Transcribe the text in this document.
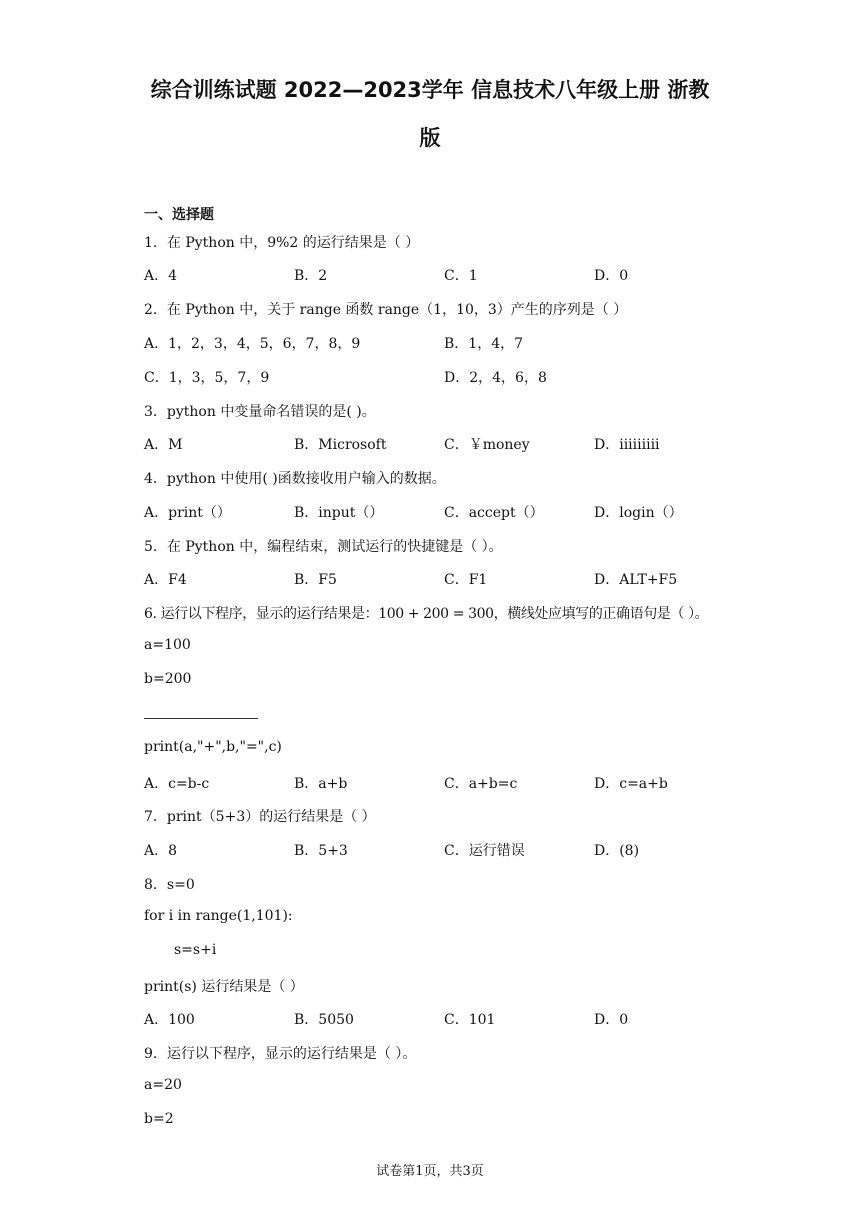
综合训练试题 2022—2023学年 信息技术八年级上册 浙教
版
一、选择题
1．在 Python 中，9%2 的运行结果是（ ）
A．4	B．2	C．1	D．0
2．在 Python 中，关于 range 函数 range（1，10，3）产生的序列是（ ）
A．1，2，3，4，5，6，7，8，9	B．1，4，7
C．1，3，5，7，9	D．2，4，6，8
3．python 中变量命名错误的是( )。
A．M	B．Microsoft	C．￥money	D．iiiiiiiii
4．python 中使用( )函数接收用户输入的数据。
A．print（）	B．input（）	C．accept（）	D．login（）
5．在 Python 中，编程结束，测试运行的快捷键是（ ）。
A．F4	B．F5	C．F1	D．ALT+F5
6. 运行以下程序，显示的运行结果是：100 + 200 = 300，横线处应填写的正确语句是（ ）。
a=100
b=200
print(a,"+",b,"=",c)
A．c=b-c	B．a+b	C．a+b=c	D．c=a+b
7．print（5+3）的运行结果是（ ）
A．8	B．5+3	C．运行错误	D．(8)
8．s=0
for i in range(1,101):
s=s+i
print(s) 运行结果是（ ）
A．100	B．5050	C．101	D．0
9．运行以下程序，显示的运行结果是（ ）。
a=20
b=2
试卷第1页，共3页
